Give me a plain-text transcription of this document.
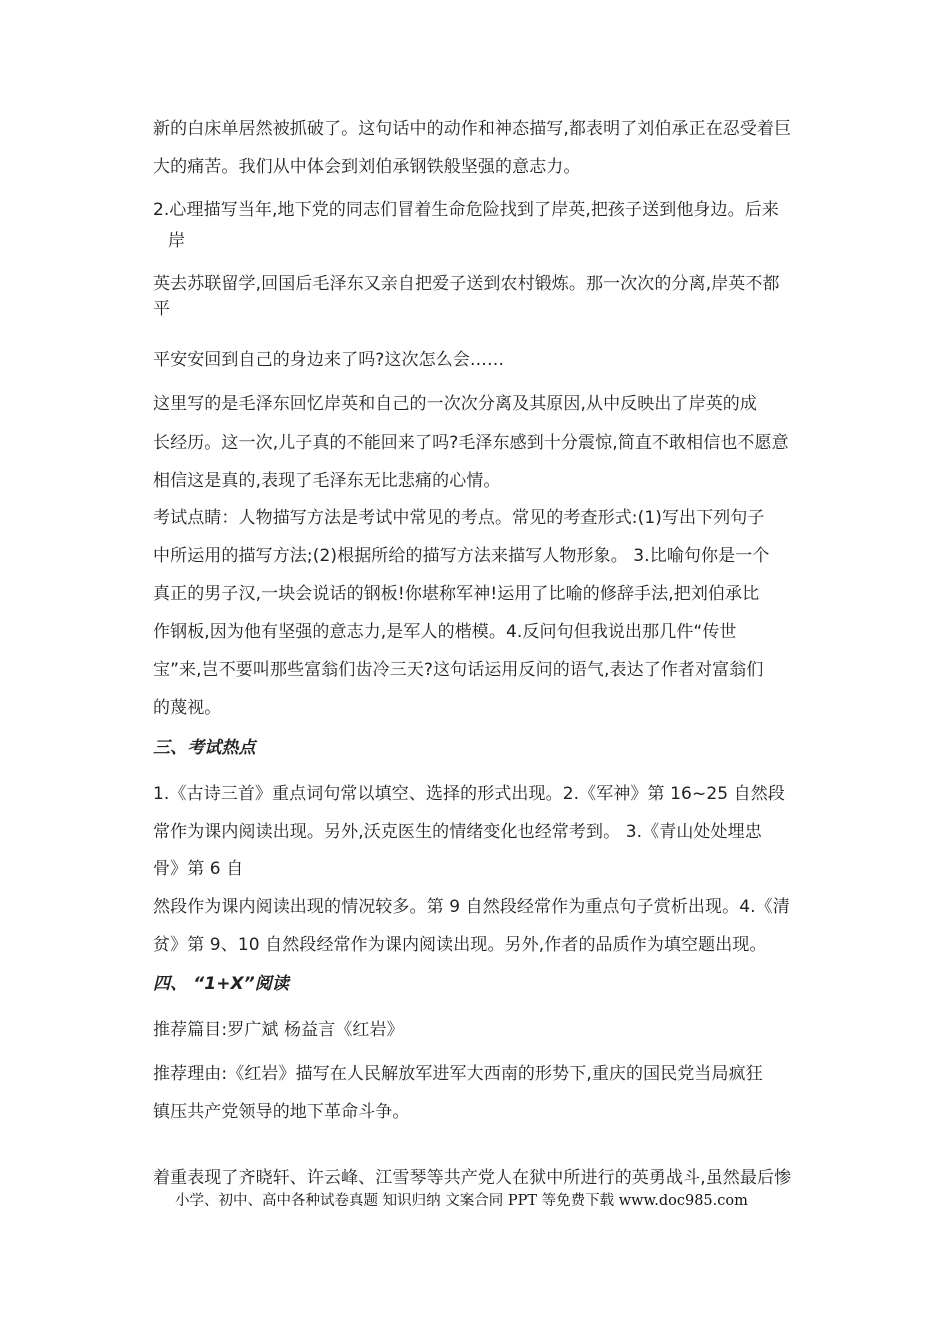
新的白床单居然被抓破了。这句话中的动作和神态描写,都表明了刘伯承正在忍受着巨

大的痛苦。我们从中体会到刘伯承钢铁般坚强的意志力。

2.心理描写当年,地下党的同志们冒着生命危险找到了岸英,把孩子送到他身边。后来

岸

英去苏联留学,回国后毛泽东又亲自把爱子送到农村锻炼。那一次次的分离,岸英不都

平

平安安回到自己的身边来了吗?这次怎么会……

这里写的是毛泽东回忆岸英和自己的一次次分离及其原因,从中反映出了岸英的成

长经历。这一次,儿子真的不能回来了吗?毛泽东感到十分震惊,简直不敢相信也不愿意

相信这是真的,表现了毛泽东无比悲痛的心情。

考试点睛：人物描写方法是考试中常见的考点。常见的考查形式:(1)写出下列句子

中所运用的描写方法;(2)根据所给的描写方法来描写人物形象。 3.比喻句你是一个

真正的男子汉,一块会说话的钢板!你堪称军神!运用了比喻的修辞手法,把刘伯承比

作钢板,因为他有坚强的意志力,是军人的楷模。4.反问句但我说出那几件“传世

宝”来,岂不要叫那些富翁们齿冷三天?这句话运用反问的语气,表达了作者对富翁们

的蔑视。

三、考试热点

1.《古诗三首》重点词句常以填空、选择的形式出现。2.《军神》第 16~25 自然段

常作为课内阅读出现。另外,沃克医生的情绪变化也经常考到。 3.《青山处处埋忠

骨》第 6 自

然段作为课内阅读出现的情况较多。第 9 自然段经常作为重点句子赏析出现。4.《清

贫》第 9、10 自然段经常作为课内阅读出现。另外,作者的品质作为填空题出现。

四、 “1+X”阅读

推荐篇目:罗广斌 杨益言《红岩》

推荐理由:《红岩》描写在人民解放军进军大西南的形势下,重庆的国民党当局疯狂

镇压共产党领导的地下革命斗争。

着重表现了齐晓轩、许云峰、江雪琴等共产党人在狱中所进行的英勇战斗,虽然最后惨

小学、初中、高中各种试卷真题 知识归纳 文案合同 PPT 等免费下载 www.doc985.com
